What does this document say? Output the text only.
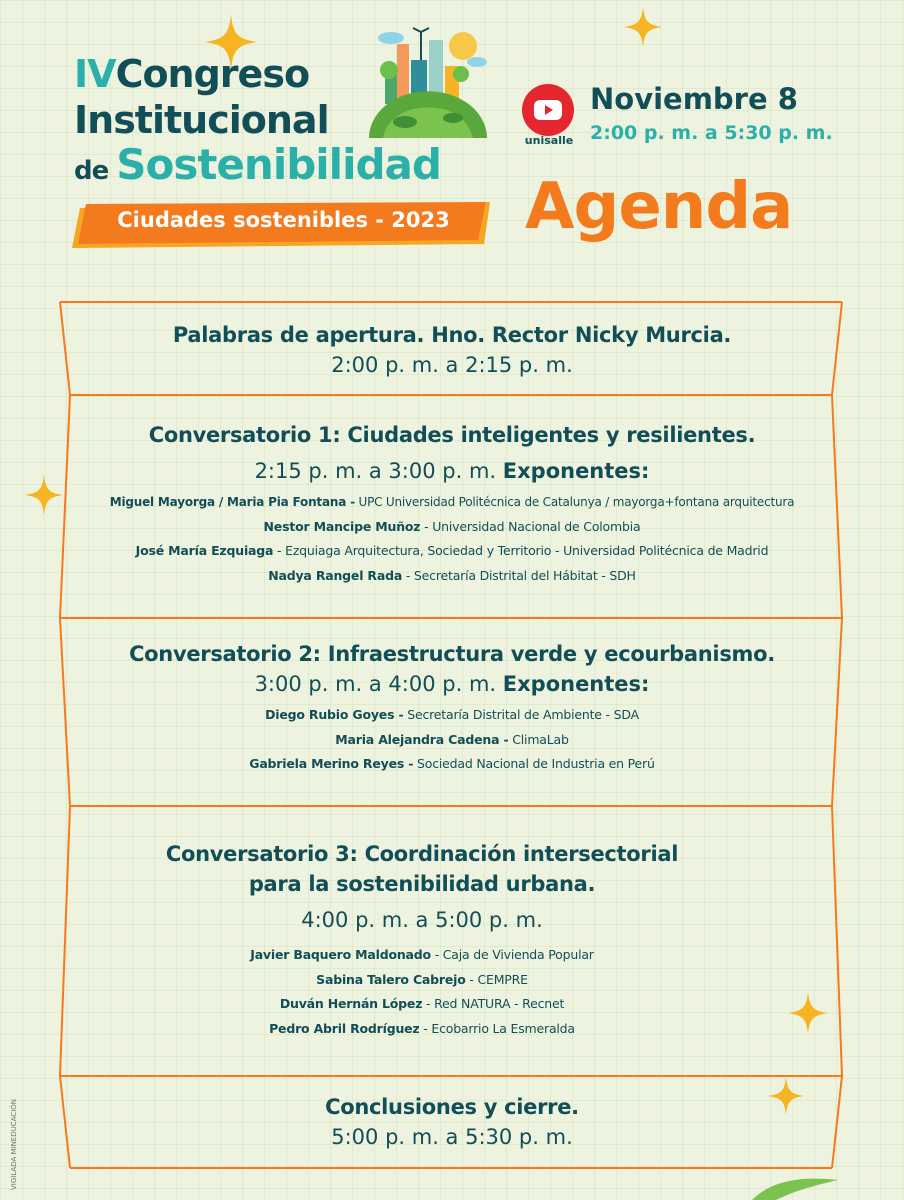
IVCongreso
Institucional
de Sostenibilidad
Ciudades sostenibles - 2023
unisalle
Noviembre 8
2:00 p. m. a 5:30 p. m.
Agenda
Palabras de apertura. Hno. Rector Nicky Murcia.
2:00 p. m. a 2:15 p. m.
Conversatorio 1: Ciudades inteligentes y resilientes.
2:15 p. m. a 3:00 p. m. Exponentes:
Miguel Mayorga / Maria Pia Fontana - UPC Universidad Politécnica de Catalunya / mayorga+fontana arquitectura
Nestor Mancipe Muñoz - Universidad Nacional de Colombia
José María Ezquiaga - Ezquiaga Arquitectura, Sociedad y Territorio - Universidad Politécnica de Madrid
Nadya Rangel Rada - Secretaría Distrital del Hábitat - SDH
Conversatorio 2: Infraestructura verde y ecourbanismo.
3:00 p. m. a 4:00 p. m. Exponentes:
Diego Rubio Goyes - Secretaría Distrital de Ambiente - SDA
Maria Alejandra Cadena - ClimaLab
Gabriela Merino Reyes - Sociedad Nacional de Industria en Perú
Conversatorio 3: Coordinación intersectorial
para la sostenibilidad urbana.
4:00 p. m. a 5:00 p. m.
Javier Baquero Maldonado - Caja de Vivienda Popular
Sabina Talero Cabrejo - CEMPRE
Duván Hernán López - Red NATURA - Recnet
Pedro Abril Rodríguez - Ecobarrio La Esmeralda
Conclusiones y cierre.
5:00 p. m. a 5:30 p. m.
VIGILADA MINEDUCACIÓN
